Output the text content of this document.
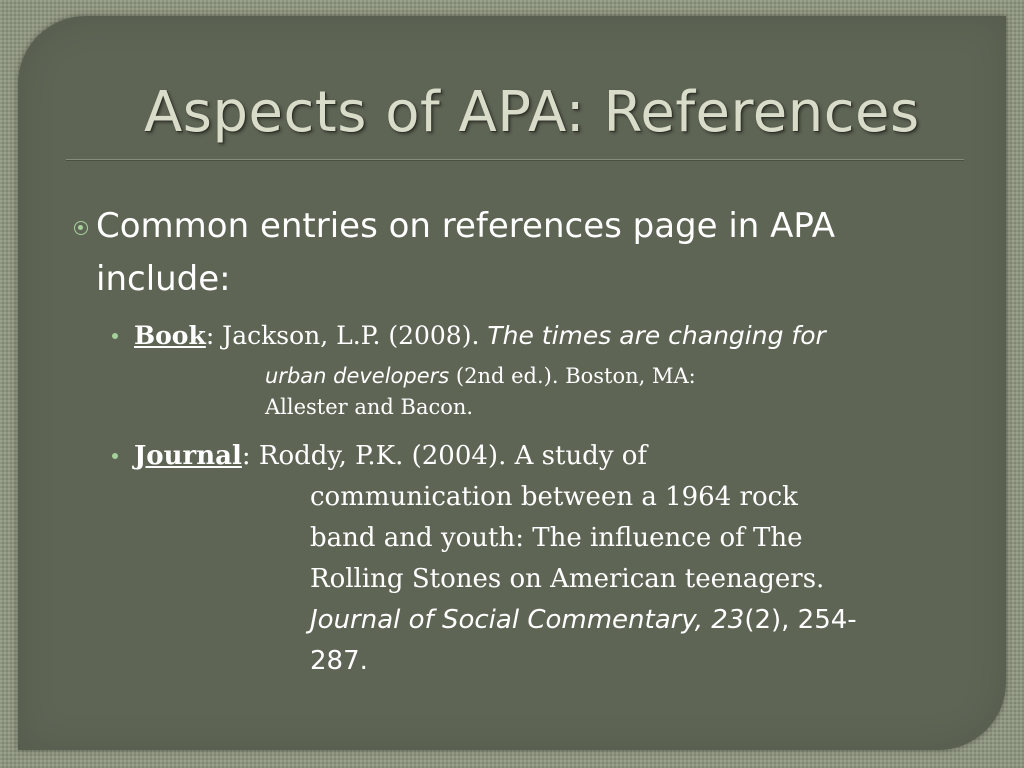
Aspects of APA: References
Common entries on references page in APA
include:
Book: Jackson, L.P. (2008). The times are changing for
urban developers (2nd ed.). Boston, MA:
Allester and Bacon.
Journal: Roddy, P.K. (2004). A study of
communication between a 1964 rock
band and youth: The influence of The
Rolling Stones on American teenagers.
Journal of Social Commentary, 23(2), 254-
287.
